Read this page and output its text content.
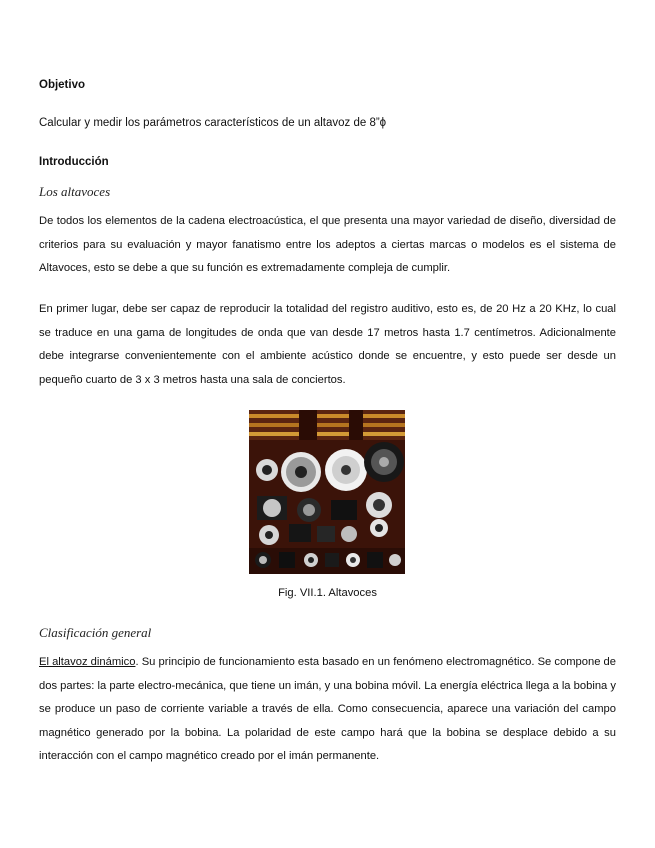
Objetivo
Calcular y medir los parámetros característicos de un altavoz de 8”ϕ
Introducción
Los altavoces
De todos los elementos de la cadena electroacústica, el que presenta una mayor variedad de diseño, diversidad de criterios para su evaluación y mayor fanatismo entre los adeptos a ciertas marcas o modelos es el sistema de Altavoces, esto se debe a que su función es extremadamente compleja de cumplir.
En primer lugar, debe ser capaz de reproducir la totalidad del registro auditivo, esto es, de 20 Hz a 20 KHz, lo cual se traduce en una gama de longitudes de onda que van desde 17 metros hasta 1.7 centímetros. Adicionalmente debe integrarse convenientemente con el ambiente acústico donde se encuentre, y esto puede ser desde un pequeño cuarto de 3 x 3 metros hasta una sala de conciertos.
Fig. VII.1. Altavoces
Clasificación general
El altavoz dinámico. Su principio de funcionamiento esta basado en un fenómeno electromagnético. Se compone de dos partes: la parte electro-mecánica, que tiene un imán, y una bobina móvil. La energía eléctrica llega a la bobina y se produce un paso de corriente variable a través de ella. Como consecuencia, aparece una variación del campo magnético generado por la bobina. La polaridad de este campo hará que la bobina se desplace debido a su interacción con el campo magnético creado por el imán permanente.
